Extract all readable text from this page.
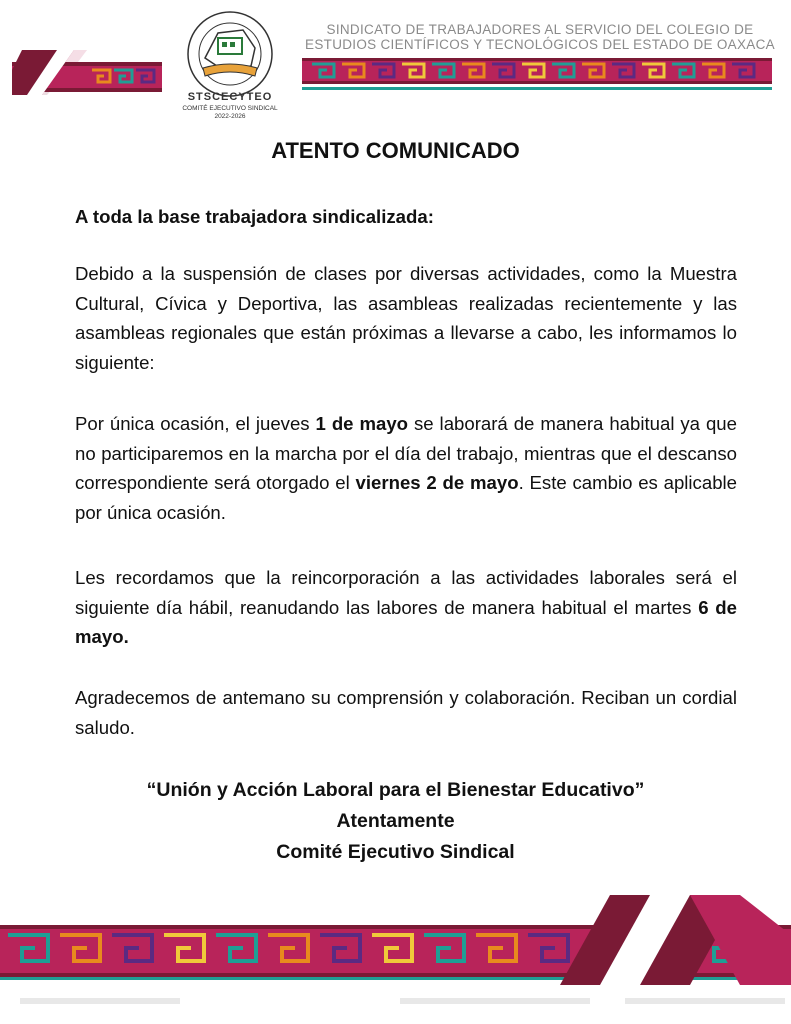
STSCECYTEO
COMITÉ EJECUTIVO SINDICAL
2022-2026
SINDICATO DE TRABAJADORES AL SERVICIO DEL COLEGIO DE
ESTUDIOS CIENTÍFICOS Y TECNOLÓGICOS DEL ESTADO DE OAXACA
ATENTO COMUNICADO
A toda la base trabajadora sindicalizada:
Debido a la suspensión de clases por diversas actividades, como la Muestra Cultural, Cívica y Deportiva, las asambleas realizadas recientemente y las asambleas regionales que están próximas a llevarse a cabo, les informamos lo siguiente:
Por única ocasión, el jueves 1 de mayo se laborará de manera habitual ya que no participaremos en la marcha por el día del trabajo, mientras que el descanso correspondiente será otorgado el viernes 2 de mayo. Este cambio es aplicable por única ocasión.
Les recordamos que la reincorporación a las actividades laborales será el siguiente día hábil, reanudando las labores de manera habitual el martes 6 de mayo.
Agradecemos de antemano su comprensión y colaboración. Reciban un cordial saludo.
“Unión y Acción Laboral para el Bienestar Educativo”
Atentamente
Comité Ejecutivo Sindical
